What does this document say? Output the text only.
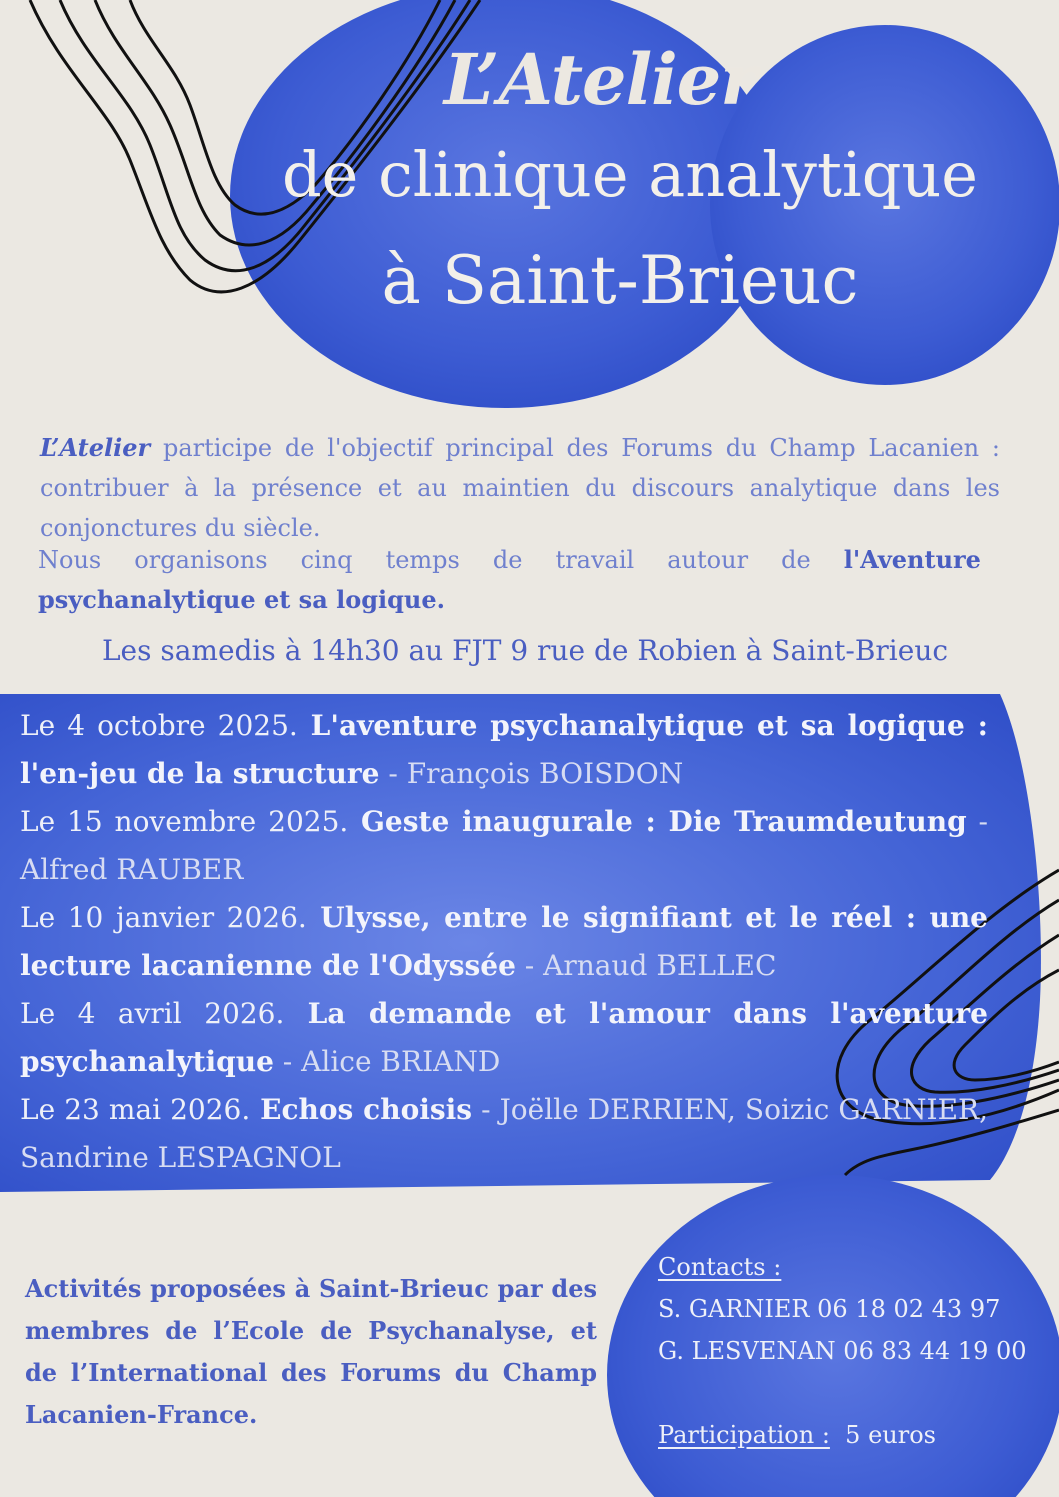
L’Atelier
de clinique analytique
à Saint-Brieuc
L’Atelier participe de l'objectif principal des Forums du Champ Lacanien : contribuer à la présence et au maintien du discours analytique dans les conjonctures du siècle.
Nous organisons cinq temps de travail autour de l'Aventure
psychanalytique et sa logique.
Les samedis à 14h30 au FJT 9 rue de Robien à Saint-Brieuc
Le 4 octobre 2025. L'aventure psychanalytique et sa logique : l'en-jeu de la structure - François BOISDON
Le 15 novembre 2025. Geste inaugurale : Die Traumdeutung - Alfred RAUBER
Le 10 janvier 2026. Ulysse, entre le signifiant et le réel : une lecture lacanienne de l'Odyssée - Arnaud BELLEC
Le 4 avril 2026. La demande et l'amour dans l'aventure psychanalytique - Alice BRIAND
Le 23 mai 2026. Echos choisis - Joëlle DERRIEN, Soizic GARNIER, Sandrine LESPAGNOL
Activités proposées à Saint-Brieuc par des membres de l’Ecole de Psychanalyse, et de l’International des Forums du Champ Lacanien-France.
Contacts :
S. GARNIER 06 18 02 43 97
G. LESVENAN 06 83 44 19 00

Participation : 5 euros
